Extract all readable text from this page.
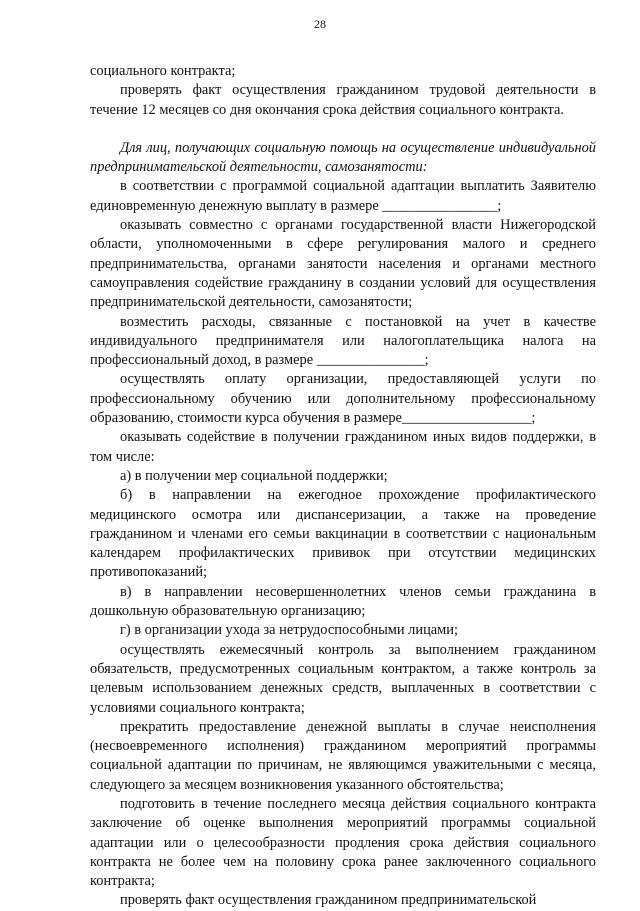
28

социального контракта;

проверять факт осуществления гражданином трудовой деятельности в течение 12 месяцев со дня окончания срока действия социального контракта.

Для лиц, получающих социальную помощь на осуществление индивидуальной предпринимательской деятельности, самозанятости:

в соответствии с программой социальной адаптации выплатить Заявителю единовременную денежную выплату в размере ________________;

оказывать совместно с органами государственной власти Нижегородской области, уполномоченными в сфере регулирования малого и среднего предпринимательства, органами занятости населения и органами местного самоуправления содействие гражданину в создании условий для осуществления предпринимательской деятельности, самозанятости;

возместить расходы, связанные с постановкой на учет в качестве индивидуального предпринимателя или налогоплательщика налога на профессиональный доход, в размере _______________;

осуществлять оплату организации, предоставляющей услуги по профессиональному обучению или дополнительному профессиональному образованию, стоимости курса обучения в размере__________________;

оказывать содействие в получении гражданином иных видов поддержки, в том числе:

а) в получении мер социальной поддержки;

б) в направлении на ежегодное прохождение профилактического медицинского осмотра или диспансеризации, а также на проведение гражданином и членами его семьи вакцинации в соответствии с национальным календарем профилактических прививок при отсутствии медицинских противопоказаний;

в) в направлении несовершеннолетних членов семьи гражданина в дошкольную образовательную организацию;

г) в организации ухода за нетрудоспособными лицами;

осуществлять ежемесячный контроль за выполнением гражданином обязательств, предусмотренных социальным контрактом, а также контроль за целевым использованием денежных средств, выплаченных в соответствии с условиями социального контракта;

прекратить предоставление денежной выплаты в случае неисполнения (несвоевременного исполнения) гражданином мероприятий программы социальной адаптации по причинам, не являющимся уважительными с месяца, следующего за месяцем возникновения указанного обстоятельства;

подготовить в течение последнего месяца действия социального контракта заключение об оценке выполнения мероприятий программы социальной адаптации или о целесообразности продления срока действия социального контракта не более чем на половину срока ранее заключенного социального контракта;

проверять факт осуществления гражданином предпринимательской
